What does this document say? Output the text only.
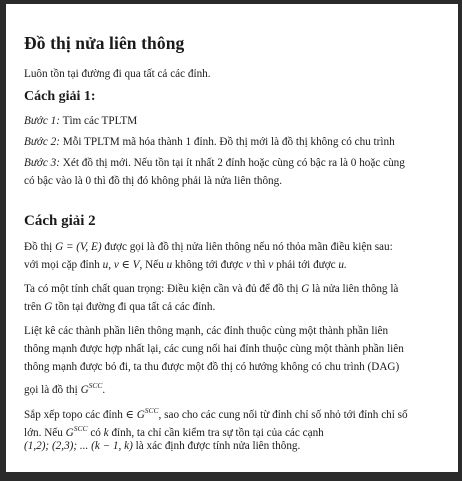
Đồ thị nửa liên thông

Luôn tồn tại đường đi qua tất cả các đỉnh.

Cách giải 1:

Bước 1: Tìm các TPLTM

Bước 2: Mỗi TPLTM mã hóa thành 1 đỉnh. Đồ thị mới là đồ thị không có chu trình

Bước 3: Xét đồ thị mới. Nếu tồn tại ít nhất 2 đỉnh hoặc cùng có bậc ra là 0 hoặc cùng

có bậc vào là 0 thì đồ thị đó không phải là nửa liên thông.

Cách giải 2

Đồ thị G = (V, E) được gọi là đồ thị nửa liên thông nếu nó thỏa mãn điều kiện sau:

với mọi cặp đỉnh u, v ∈ V, Nếu u không tới được v thì v phải tới được u.

Ta có một tính chất quan trọng: Điều kiện cần và đủ để đồ thị G là nửa liên thông là

trên G tồn tại đường đi qua tất cả các đỉnh.

Liệt kê các thành phần liên thông mạnh, các đỉnh thuộc cùng một thành phần liên

thông mạnh được hợp nhất lại, các cung nối hai đỉnh thuộc cùng một thành phần liên

thông mạnh được bỏ đi, ta thu được một đồ thị có hướng không có chu trình (DAG)

gọi là đồ thị $G^{SCC}$.

Sắp xếp topo các đỉnh ∈ $G^{SCC}$, sao cho các cung nối từ đỉnh chỉ số nhỏ tới đỉnh chỉ số

lớn. Nếu $G^{SCC}$ có k đỉnh, ta chỉ cần kiểm tra sự tồn tại của các cạnh

(1,2); (2,3); ... (k − 1, k) là xác định được tính nửa liên thông.
